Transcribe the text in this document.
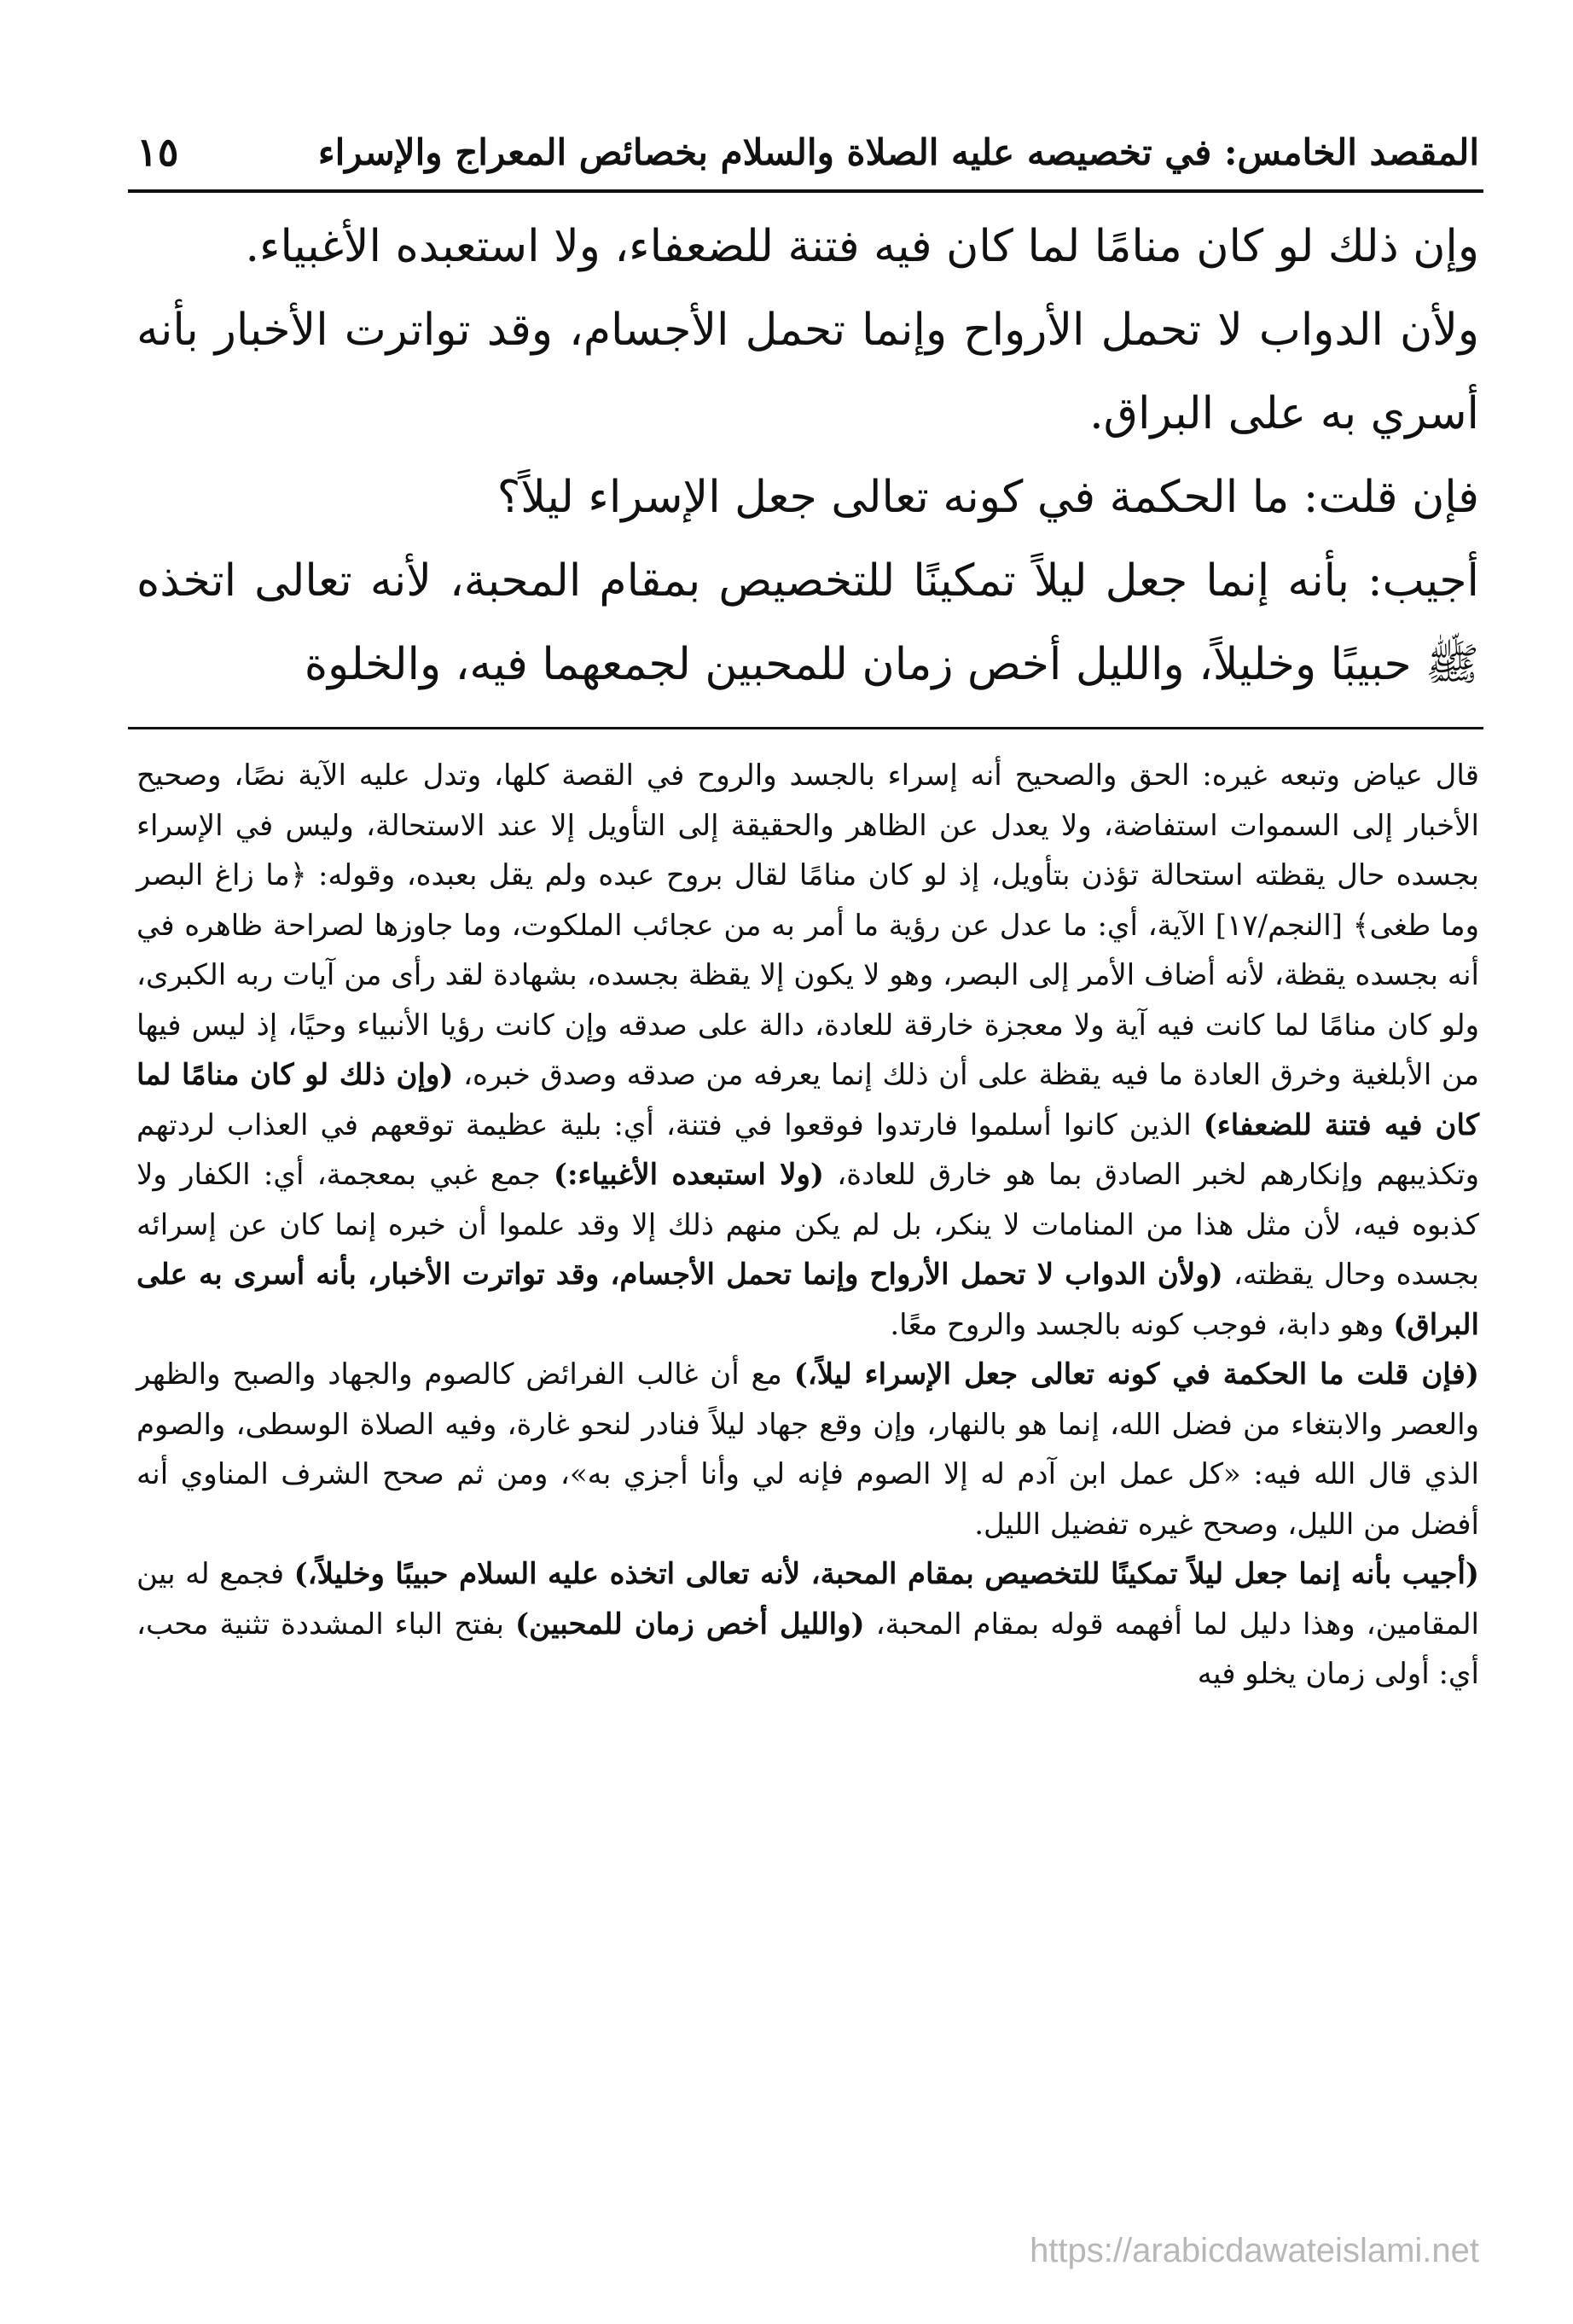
المقصد الخامس: في تخصيصه عليه الصلاة والسلام بخصائص المعراج والإسراء
١٥

وإن ذلك لو كان منامًا لما كان فيه فتنة للضعفاء، ولا استعبده الأغبياء.

ولأن الدواب لا تحمل الأرواح وإنما تحمل الأجسام، وقد تواترت الأخبار بأنه أسري به على البراق.

فإن قلت: ما الحكمة في كونه تعالى جعل الإسراء ليلاً؟

أجيب: بأنه إنما جعل ليلاً تمكينًا للتخصيص بمقام المحبة، لأنه تعالى اتخذه ﷺ حبيبًا وخليلاً، والليل أخص زمان للمحبين لجمعهما فيه، والخلوة

قال عياض وتبعه غيره: الحق والصحيح أنه إسراء بالجسد والروح في القصة كلها، وتدل عليه الآية نصًا، وصحيح الأخبار إلى السموات استفاضة، ولا يعدل عن الظاهر والحقيقة إلى التأويل إلا عند الاستحالة، وليس في الإسراء بجسده حال يقظته استحالة تؤذن بتأويل، إذ لو كان منامًا لقال بروح عبده ولم يقل بعبده، وقوله: ﴿ما زاغ البصر وما طغى﴾ [النجم/١٧] الآية، أي: ما عدل عن رؤية ما أمر به من عجائب الملكوت، وما جاوزها لصراحة ظاهره في أنه بجسده يقظة، لأنه أضاف الأمر إلى البصر، وهو لا يكون إلا يقظة بجسده، بشهادة لقد رأى من آيات ربه الكبرى، ولو كان منامًا لما كانت فيه آية ولا معجزة خارقة للعادة، دالة على صدقه وإن كانت رؤيا الأنبياء وحيًا، إذ ليس فيها من الأبلغية وخرق العادة ما فيه يقظة على أن ذلك إنما يعرفه من صدقه وصدق خبره، (وإن ذلك لو كان منامًا لما كان فيه فتنة للضعفاء) الذين كانوا أسلموا فارتدوا فوقعوا في فتنة، أي: بلية عظيمة توقعهم في العذاب لردتهم وتكذيبهم وإنكارهم لخبر الصادق بما هو خارق للعادة، (ولا استبعده الأغبياء:) جمع غبي بمعجمة، أي: الكفار ولا كذبوه فيه، لأن مثل هذا من المنامات لا ينكر، بل لم يكن منهم ذلك إلا وقد علموا أن خبره إنما كان عن إسرائه بجسده وحال يقظته، (ولأن الدواب لا تحمل الأرواح وإنما تحمل الأجسام، وقد تواترت الأخبار، بأنه أسرى به على البراق) وهو دابة، فوجب كونه بالجسد والروح معًا.

(فإن قلت ما الحكمة في كونه تعالى جعل الإسراء ليلاً،) مع أن غالب الفرائض كالصوم والجهاد والصبح والظهر والعصر والابتغاء من فضل الله، إنما هو بالنهار، وإن وقع جهاد ليلاً فنادر لنحو غارة، وفيه الصلاة الوسطى، والصوم الذي قال الله فيه: «كل عمل ابن آدم له إلا الصوم فإنه لي وأنا أجزي به»، ومن ثم صحح الشرف المناوي أنه أفضل من الليل، وصحح غيره تفضيل الليل.

(أجيب بأنه إنما جعل ليلاً تمكينًا للتخصيص بمقام المحبة، لأنه تعالى اتخذه عليه السلام حبيبًا وخليلاً،) فجمع له بين المقامين، وهذا دليل لما أفهمه قوله بمقام المحبة، (والليل أخص زمان للمحبين) بفتح الباء المشددة تثنية محب، أي: أولى زمان يخلو فيه

https://arabicdawateislami.net
